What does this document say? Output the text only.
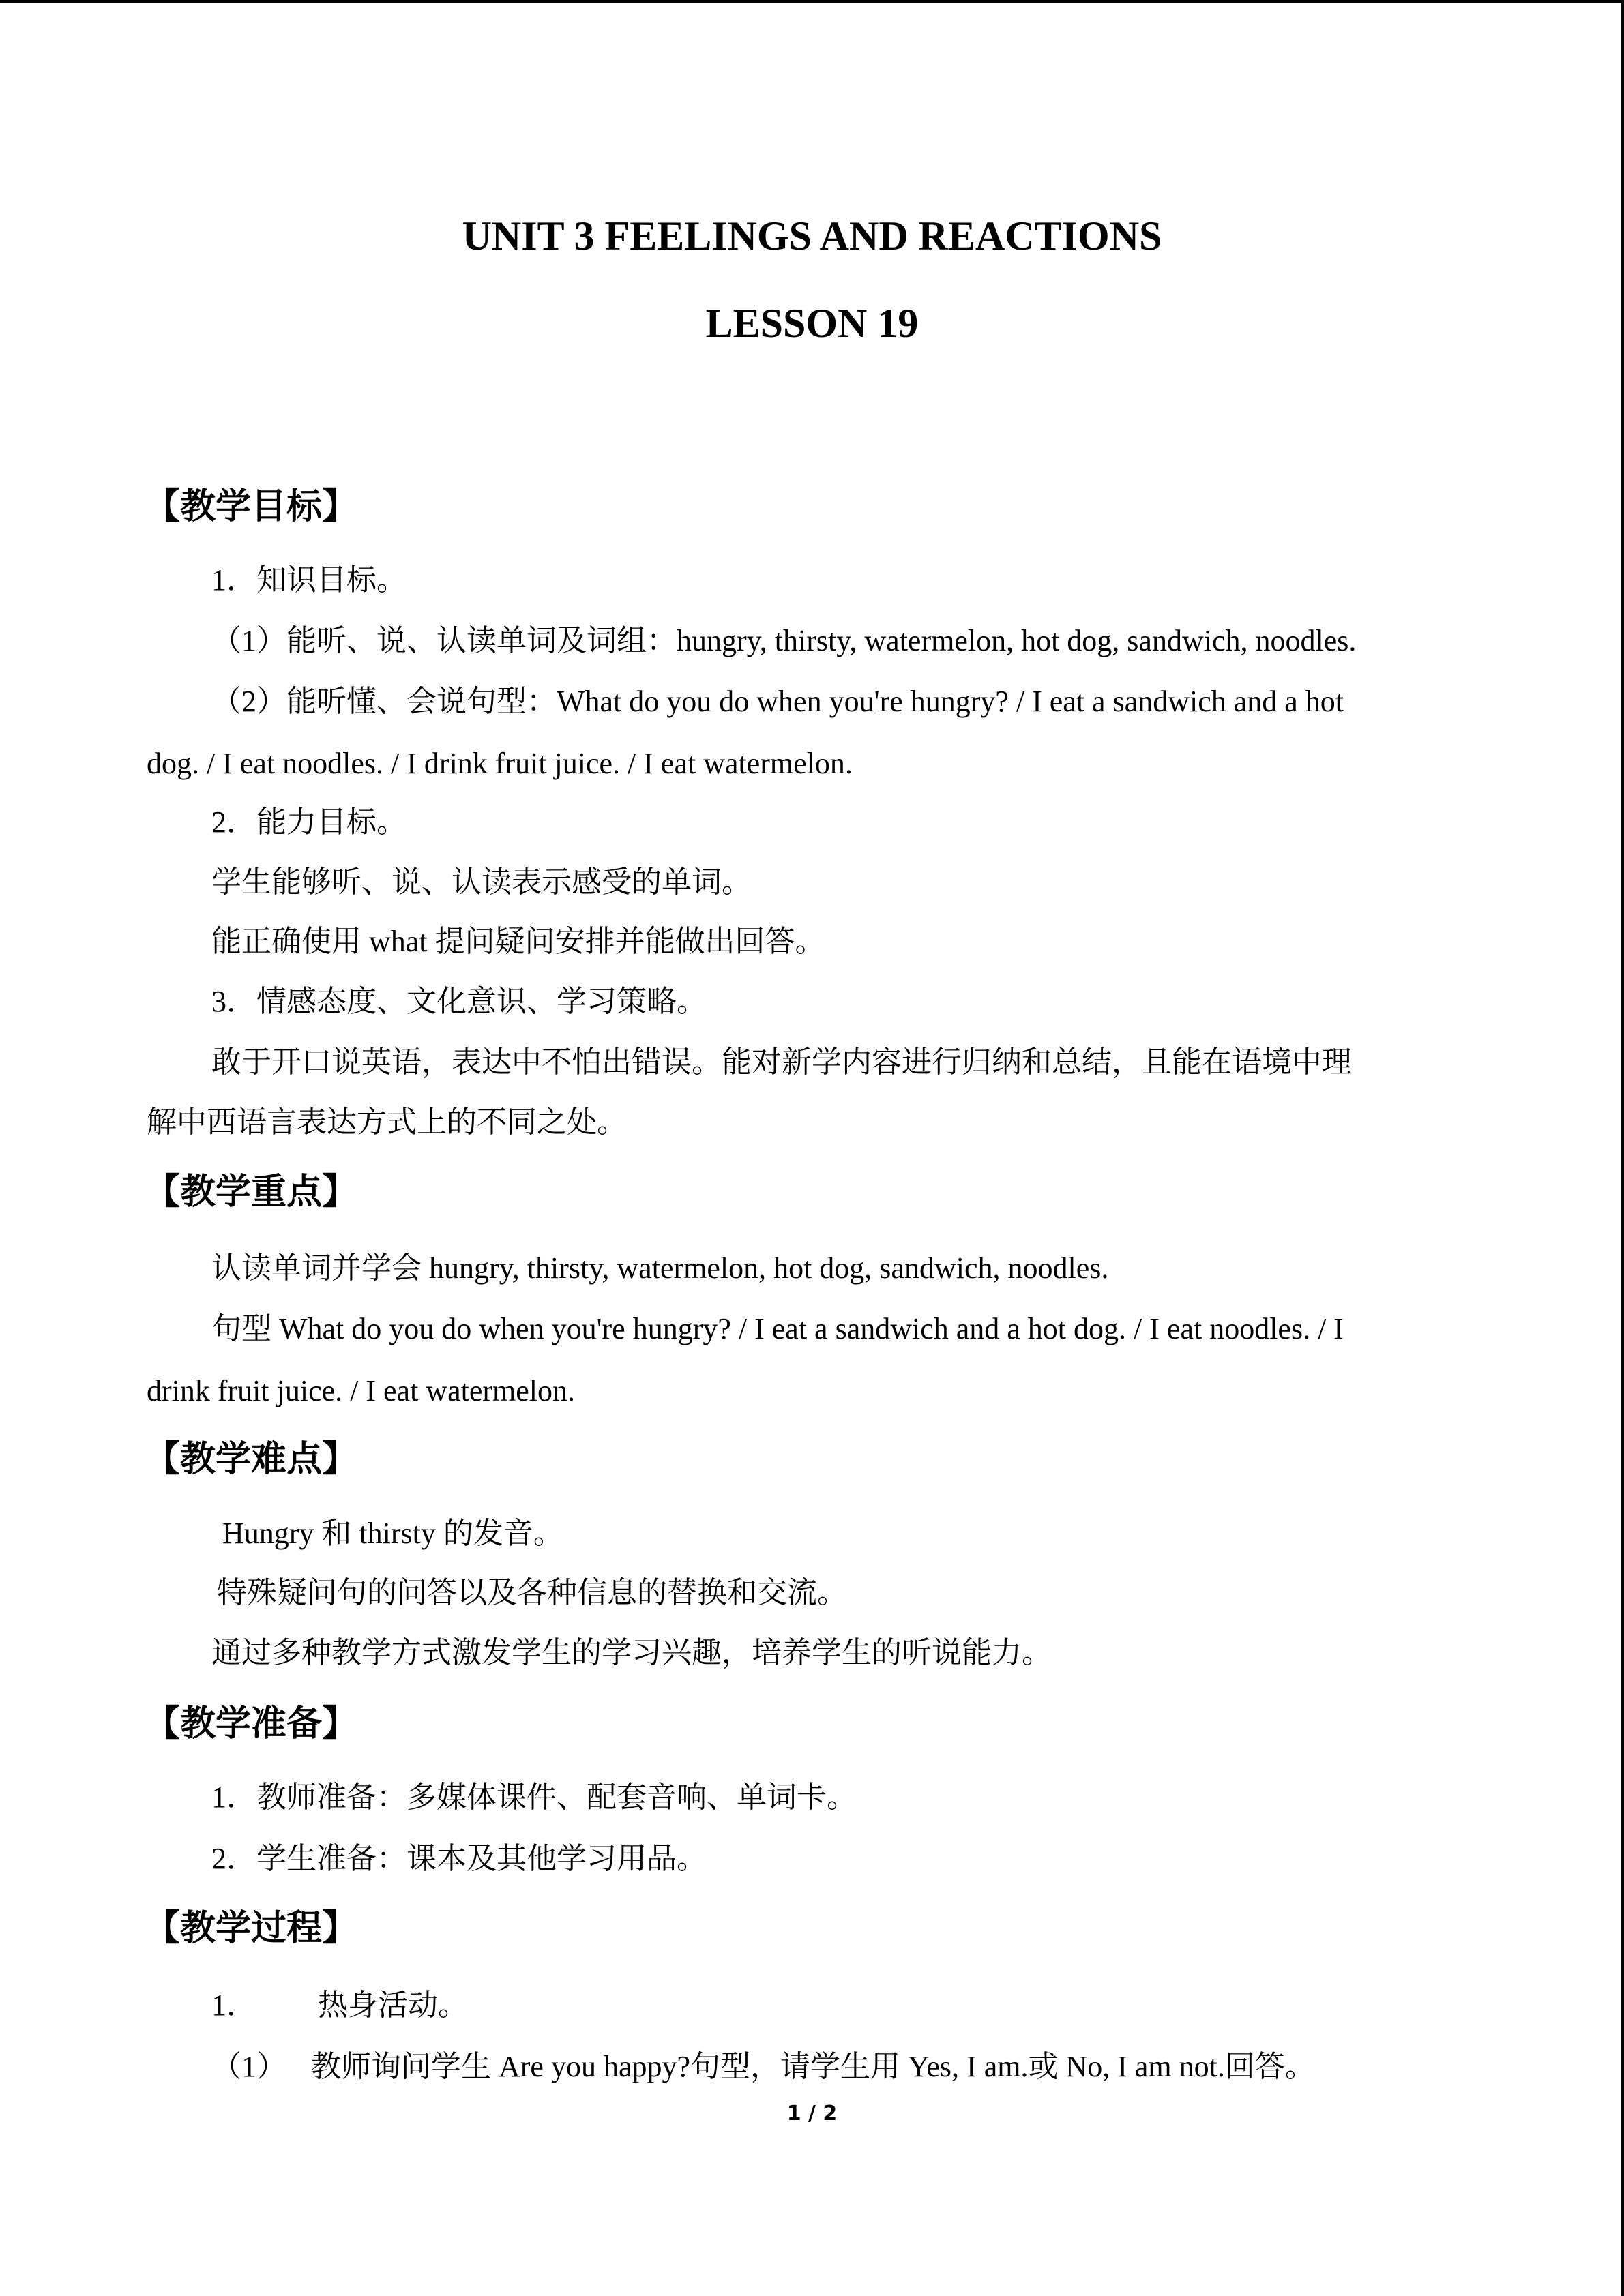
UNIT 3 FEELINGS AND REACTIONS
LESSON 19
【教学目标】
1．知识目标。
（1）能听、说、认读单词及词组：hungry, thirsty, watermelon, hot dog, sandwich, noodles.
（2）能听懂、会说句型：What do you do when you're hungry? / I eat a sandwich and a hot
dog. / I eat noodles. / I drink fruit juice. / I eat watermelon.
2．能力目标。
学生能够听、说、认读表示感受的单词。
能正确使用 what 提问疑问安排并能做出回答。
3．情感态度、文化意识、学习策略。
敢于开口说英语，表达中不怕出错误。能对新学内容进行归纳和总结，且能在语境中理
解中西语言表达方式上的不同之处。
【教学重点】
认读单词并学会 hungry, thirsty, watermelon, hot dog, sandwich, noodles.
句型 What do you do when you're hungry? / I eat a sandwich and a hot dog. / I eat noodles. / I
drink fruit juice. / I eat watermelon.
【教学难点】
Hungry 和 thirsty 的发音。
特殊疑问句的问答以及各种信息的替换和交流。
通过多种教学方式激发学生的学习兴趣，培养学生的听说能力。
【教学准备】
1．教师准备：多媒体课件、配套音响、单词卡。
2．学生准备：课本及其他学习用品。
【教学过程】
1． 热身活动。
（1） 教师询问学生 Are you happy?句型，请学生用 Yes, I am.或 No, I am not.回答。
1 / 2
